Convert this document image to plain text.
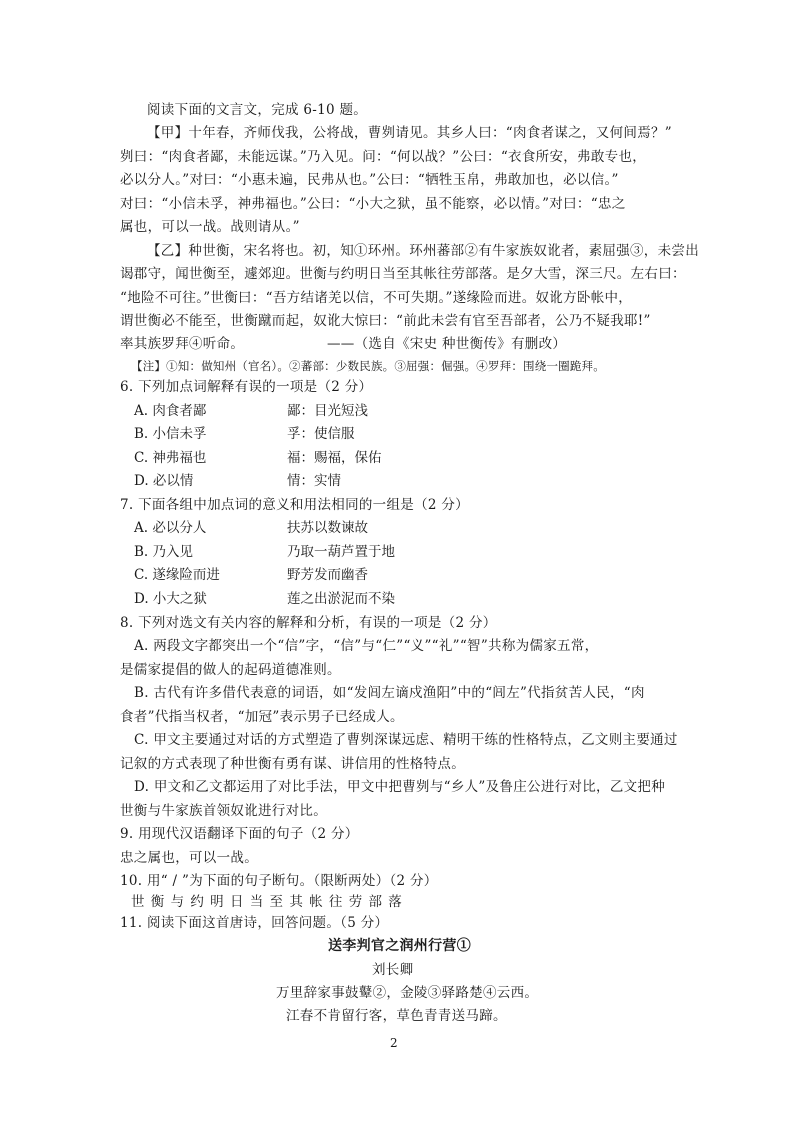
阅读下面的文言文，完成 6-10 题。
【甲】十年春，齐师伐我，公将战，曹刿请见。其乡人曰：“肉食者谋之，又何间焉？”
刿曰：“肉食者鄙，未能远谋。”乃入见。问：“何以战？”公曰：“衣食所安，弗敢专也，
必以分人。”对曰：“小惠未遍，民弗从也。”公曰：“牺牲玉帛，弗敢加也，必以信。”
对曰：“小信未孚，神弗福也。”公曰：“小大之狱，虽不能察，必以情。”对曰：“忠之
属也，可以一战。战则请从。”
【乙】种世衡，宋名将也。初，知①环州。环州蕃部②有牛家族奴讹者，素屈强③，未尝出
谒郡守，闻世衡至，遽郊迎。世衡与约明日当至其帐往劳部落。是夕大雪，深三尺。左右曰：
“地险不可往。”世衡曰：“吾方结诸羌以信，不可失期。”遂缘险而进。奴讹方卧帐中，
谓世衡必不能至，世衡蹴而起，奴讹大惊曰：“前此未尝有官至吾部者，公乃不疑我耶!”
率其族罗拜④听命。	——（选自《宋史 种世衡传》有删改）
【注】①知：做知州（官名）。②蕃部：少数民族。③屈强：倔强。④罗拜：围绕一圈跪拜。
6. 下列加点词解释有误的一项是（2 分）
A. 肉食者鄙	鄙：目光短浅
B. 小信未孚	孚：使信服
C. 神弗福也	福：赐福，保佑
D. 必以情	情：实情
7. 下面各组中加点词的意义和用法相同的一组是（2 分）
A. 必以分人	扶苏以数谏故
B. 乃入见	乃取一葫芦置于地
C. 遂缘险而进	野芳发而幽香
D. 小大之狱	莲之出淤泥而不染
8. 下列对选文有关内容的解释和分析，有误的一项是（2 分）
A. 两段文字都突出一个“信”字，“信”与“仁”“义”“礼”“智”共称为儒家五常，
是儒家提倡的做人的起码道德准则。
B. 古代有许多借代表意的词语，如“发闾左谪戍渔阳”中的“闾左”代指贫苦人民，“肉
食者”代指当权者，“加冠”表示男子已经成人。
C. 甲文主要通过对话的方式塑造了曹刿深谋远虑、精明干练的性格特点，乙文则主要通过
记叙的方式表现了种世衡有勇有谋、讲信用的性格特点。
D. 甲文和乙文都运用了对比手法，甲文中把曹刿与“乡人”及鲁庄公进行对比，乙文把种
世衡与牛家族首领奴讹进行对比。
9. 用现代汉语翻译下面的句子（2 分）
忠之属也，可以一战。
10. 用“ / ”为下面的句子断句。（限断两处）（2 分）
世 衡 与 约 明 日 当 至 其 帐 往 劳 部 落
11. 阅读下面这首唐诗，回答问题。（5 分）
送李判官之润州行营①
刘长卿
万里辞家事鼓鼙②，金陵③驿路楚④云西。
江春不肯留行客，草色青青送马蹄。
2
